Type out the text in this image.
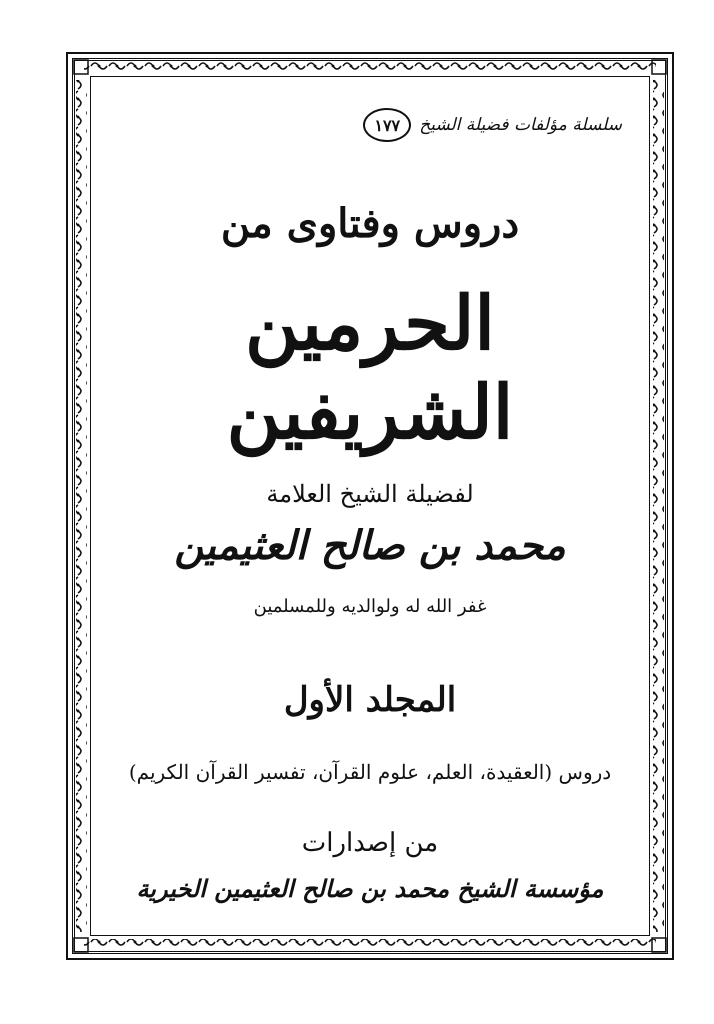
سلسلة مؤلفات فضيلة الشيخ
١٧٧
دروس وفتاوى من
الحرمين الشريفين
لفضيلة الشيخ العلامة
محمد بن صالح العثيمين
غفر الله له ولوالديه وللمسلمين
المجلد الأول
دروس (العقيدة، العلم، علوم القرآن، تفسير القرآن الكريم)
من إصدارات
مؤسسة الشيخ محمد بن صالح العثيمين الخيرية
